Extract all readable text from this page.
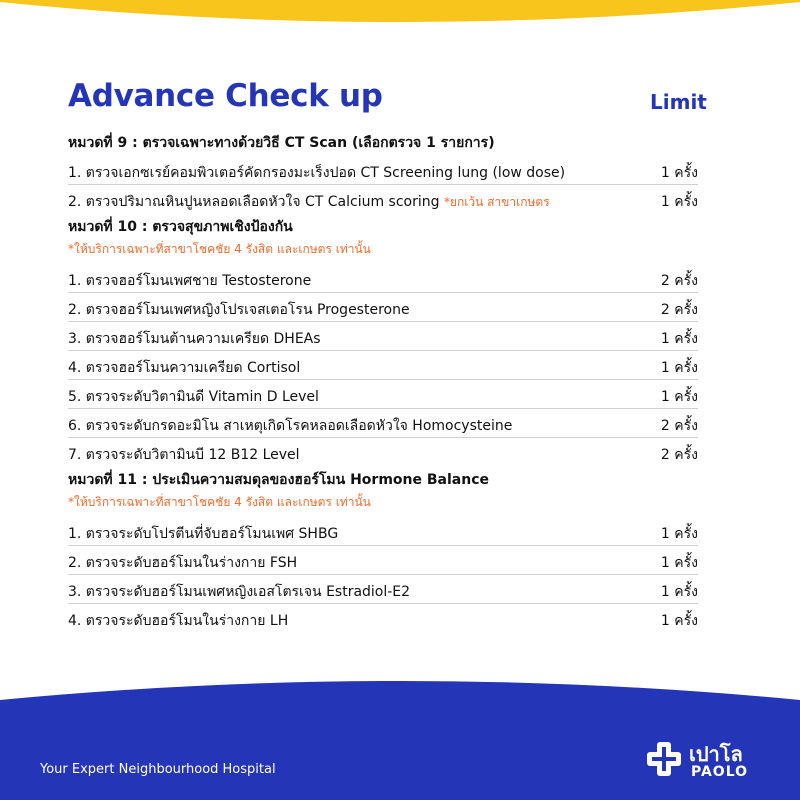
Advance Check up	Limit
หมวดที่ 9 : ตรวจเฉพาะทางด้วยวิธี CT Scan (เลือกตรวจ 1 รายการ)
1. ตรวจเอกซเรย์คอมพิวเตอร์คัดกรองมะเร็งปอด CT Screening lung (low dose)	1 ครั้ง
2. ตรวจปริมาณหินปูนหลอดเลือดหัวใจ CT Calcium scoring *ยกเว้น สาขาเกษตร	1 ครั้ง
หมวดที่ 10 : ตรวจสุขภาพเชิงป้องกัน
*ให้บริการเฉพาะที่สาขาโชคชัย 4 รังสิต และเกษตร เท่านั้น
1. ตรวจฮอร์โมนเพศชาย Testosterone	2 ครั้ง
2. ตรวจฮอร์โมนเพศหญิงโปรเจสเตอโรน Progesterone	2 ครั้ง
3. ตรวจฮอร์โมนต้านความเครียด DHEAs	1 ครั้ง
4. ตรวจฮอร์โมนความเครียด Cortisol	1 ครั้ง
5. ตรวจระดับวิตามินดี Vitamin D Level	1 ครั้ง
6. ตรวจระดับกรดอะมิโน สาเหตุเกิดโรคหลอดเลือดหัวใจ Homocysteine	2 ครั้ง
7. ตรวจระดับวิตามินบี 12 B12 Level	2 ครั้ง
หมวดที่ 11 : ประเมินความสมดุลของฮอร์โมน Hormone Balance
*ให้บริการเฉพาะที่สาขาโชคชัย 4 รังสิต และเกษตร เท่านั้น
1. ตรวจระดับโปรตีนที่จับฮอร์โมนเพศ SHBG	1 ครั้ง
2. ตรวจระดับฮอร์โมนในร่างกาย FSH	1 ครั้ง
3. ตรวจระดับฮอร์โมนเพศหญิงเอสโตรเจน Estradiol-E2	1 ครั้ง
4. ตรวจระดับฮอร์โมนในร่างกาย LH	1 ครั้ง
Your Expert Neighbourhood Hospital
เปาโล
PAOLO
